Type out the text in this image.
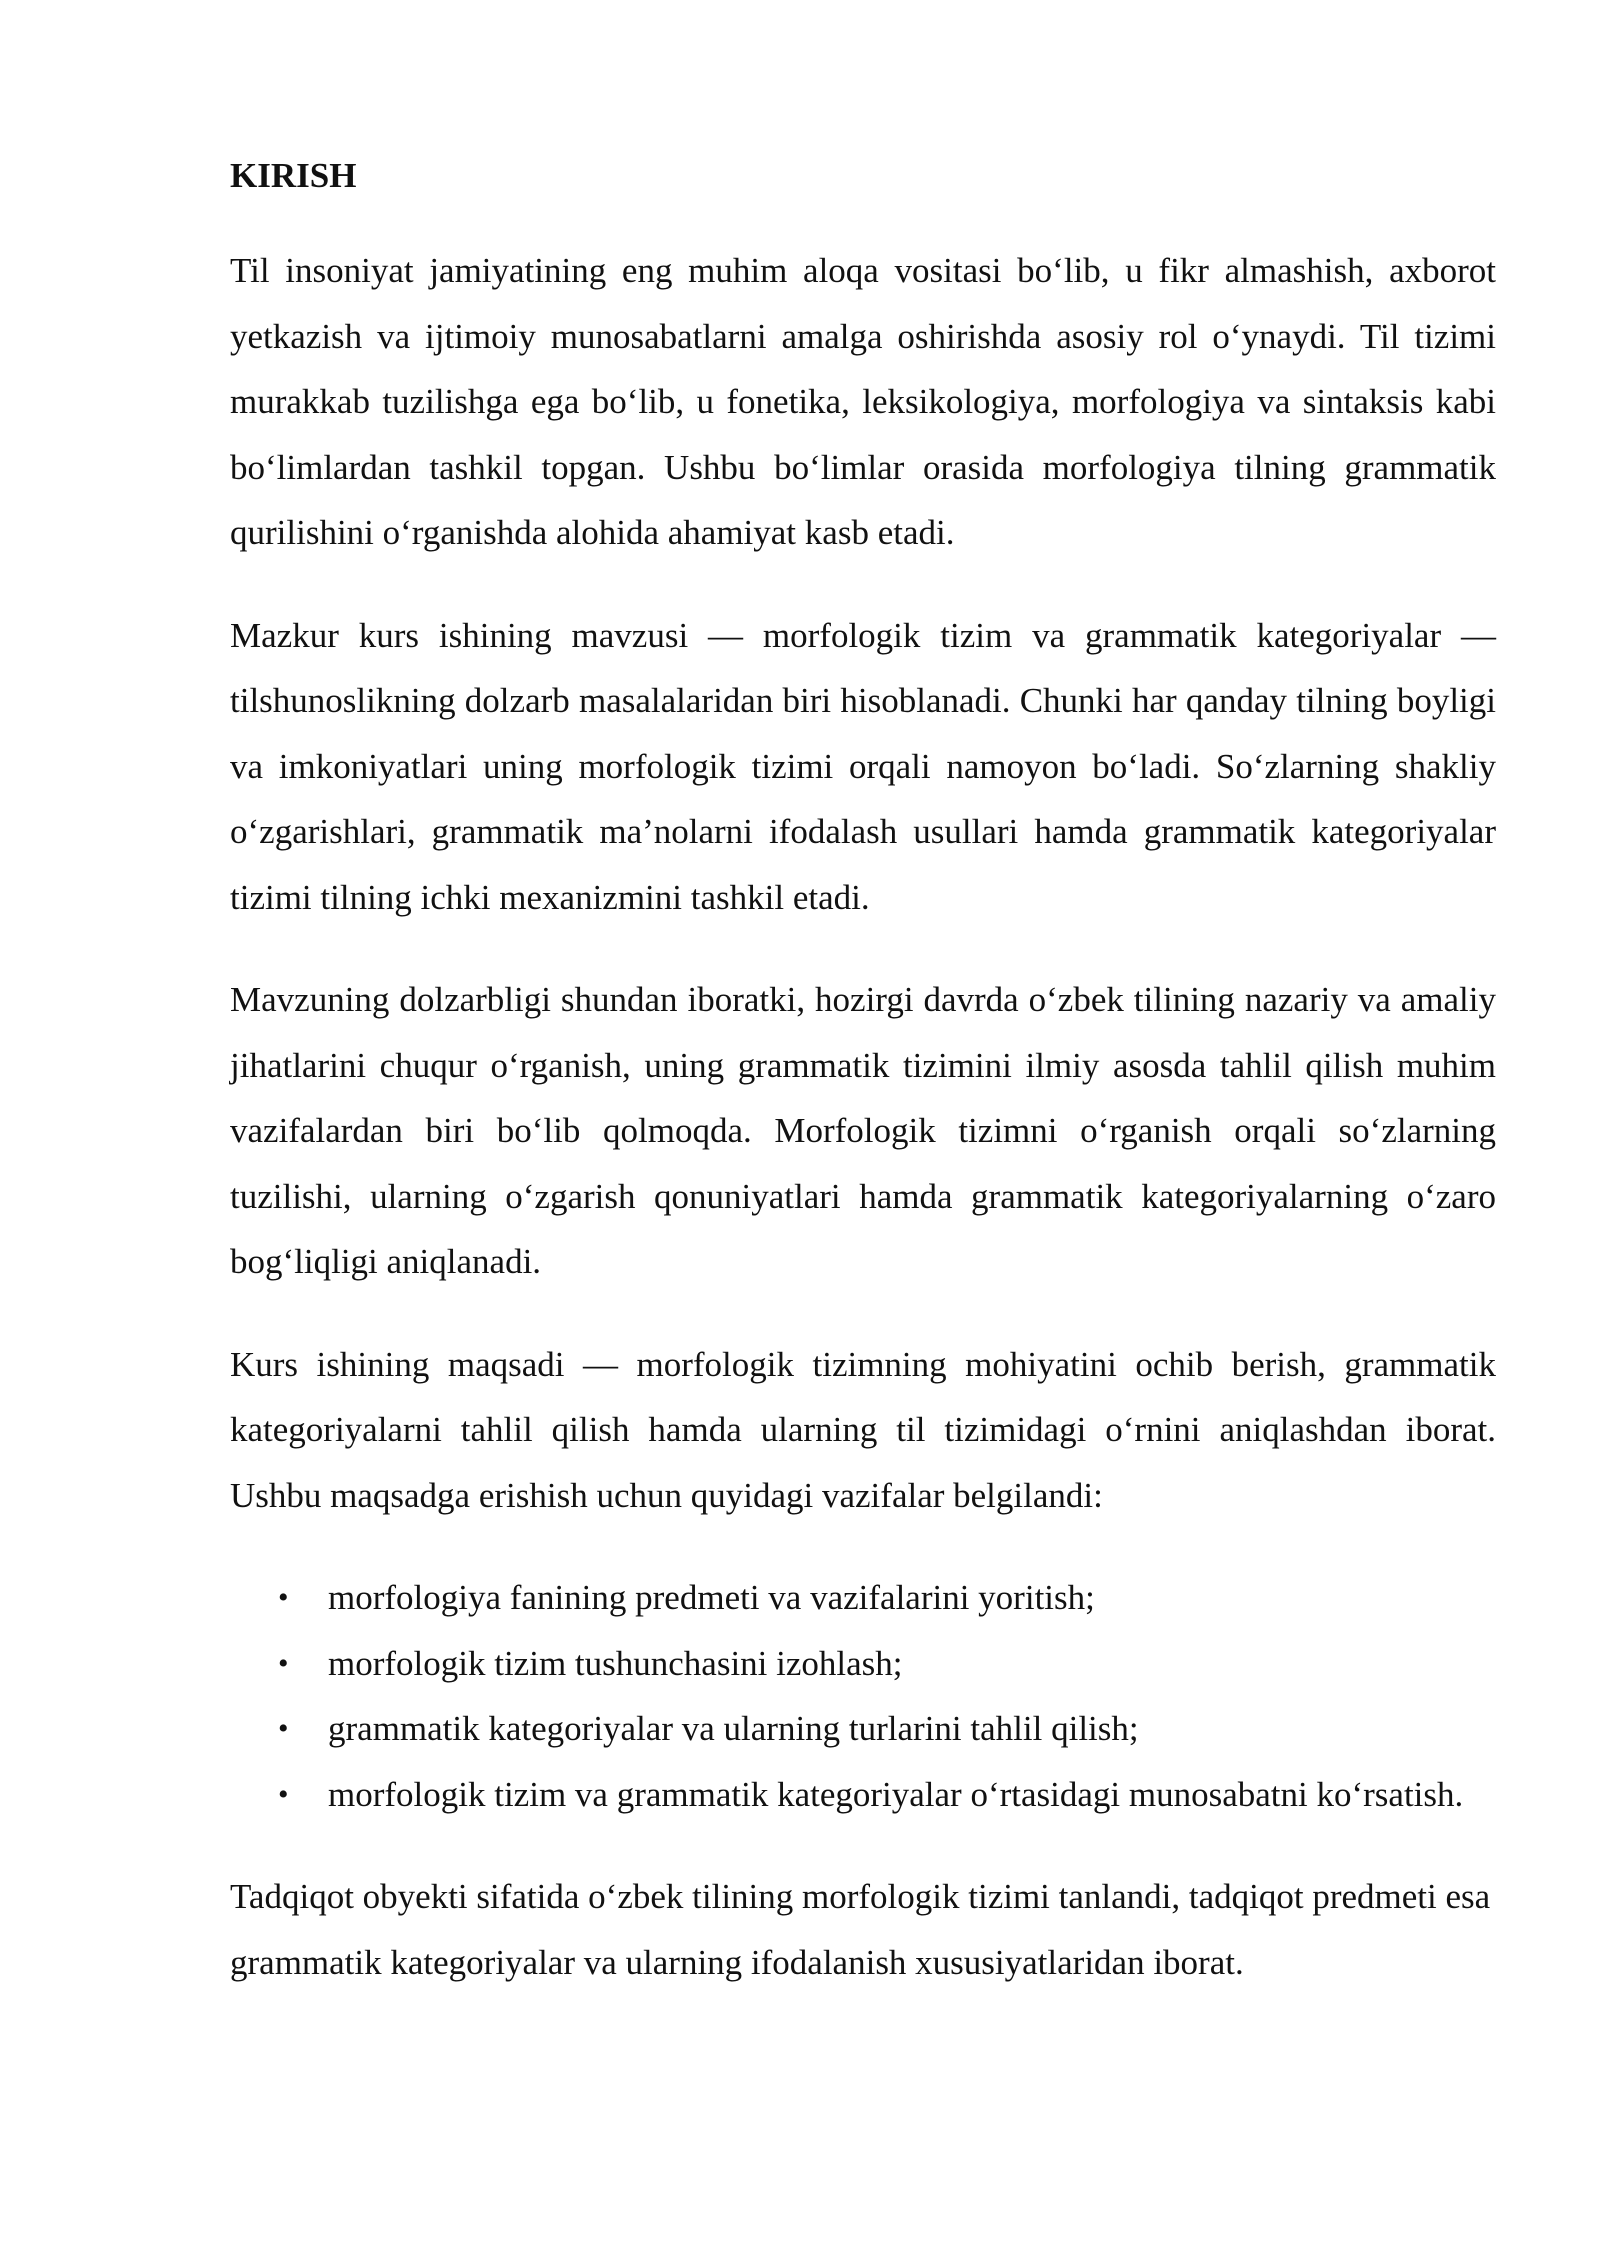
KIRISH

Til insoniyat jamiyatining eng muhim aloqa vositasi bo‘lib, u fikr almashish, axborot yetkazish va ijtimoiy munosabatlarni amalga oshirishda asosiy rol o‘ynaydi. Til tizimi murakkab tuzilishga ega bo‘lib, u fonetika, leksikologiya, morfologiya va sintaksis kabi bo‘limlardan tashkil topgan. Ushbu bo‘limlar orasida morfologiya tilning grammatik qurilishini o‘rganishda alohida ahamiyat kasb etadi.

Mazkur kurs ishining mavzusi — morfologik tizim va grammatik kategoriyalar — tilshunoslikning dolzarb masalalaridan biri hisoblanadi. Chunki har qanday tilning boyligi va imkoniyatlari uning morfologik tizimi orqali namoyon bo‘ladi. So‘zlarning shakliy o‘zgarishlari, grammatik ma’nolarni ifodalash usullari hamda grammatik kategoriyalar tizimi tilning ichki mexanizmini tashkil etadi.

Mavzuning dolzarbligi shundan iboratki, hozirgi davrda o‘zbek tilining nazariy va amaliy jihatlarini chuqur o‘rganish, uning grammatik tizimini ilmiy asosda tahlil qilish muhim vazifalardan biri bo‘lib qolmoqda. Morfologik tizimni o‘rganish orqali so‘zlarning tuzilishi, ularning o‘zgarish qonuniyatlari hamda grammatik kategoriyalarning o‘zaro bog‘liqligi aniqlanadi.

Kurs ishining maqsadi — morfologik tizimning mohiyatini ochib berish, grammatik kategoriyalarni tahlil qilish hamda ularning til tizimidagi o‘rnini aniqlashdan iborat. Ushbu maqsadga erishish uchun quyidagi vazifalar belgilandi:

• morfologiya fanining predmeti va vazifalarini yoritish;
• morfologik tizim tushunchasini izohlash;
• grammatik kategoriyalar va ularning turlarini tahlil qilish;
• morfologik tizim va grammatik kategoriyalar o‘rtasidagi munosabatni ko‘rsatish.

Tadqiqot obyekti sifatida o‘zbek tilining morfologik tizimi tanlandi, tadqiqot predmeti esa grammatik kategoriyalar va ularning ifodalanish xususiyatlaridan iborat.
